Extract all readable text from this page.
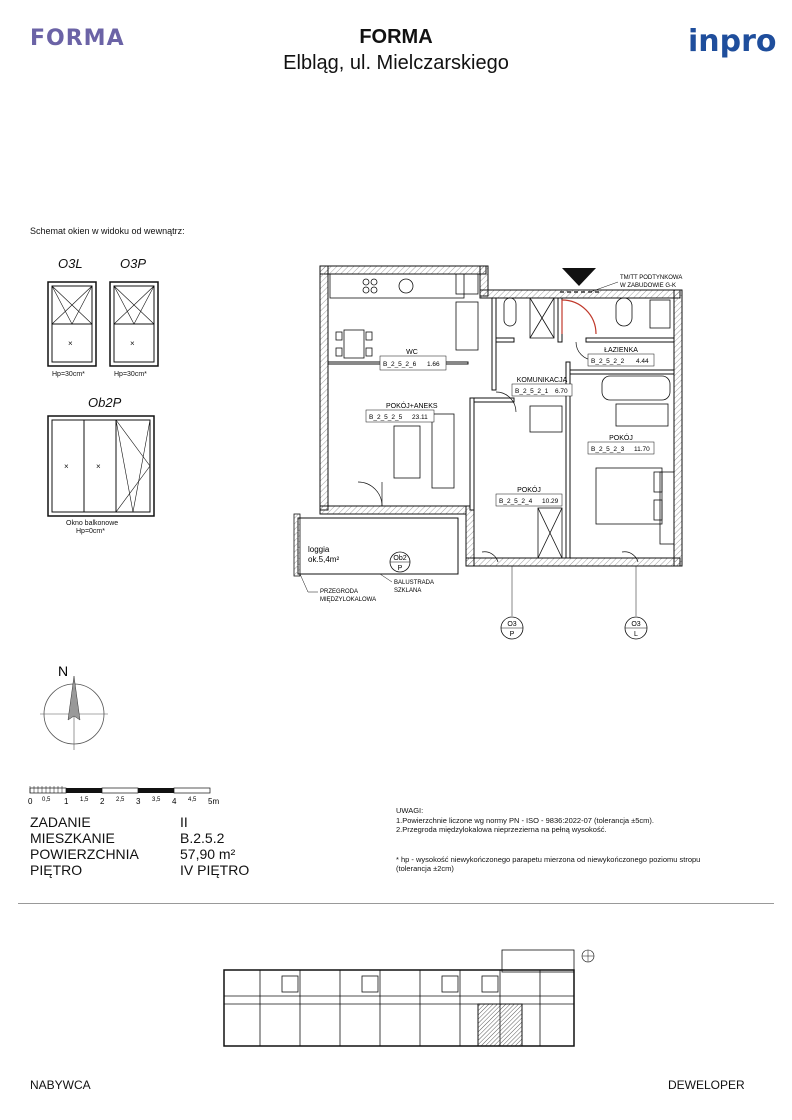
FORMA	FORMA
Elbląg, ul. Mielczarskiego
inpro
Schemat okien w widoku od wewnątrz:
O3L	O3P
×	×
Hp=30cm*	Hp=30cm*
Ob2P
×	×
Okno balkonowe
Hp=0cm*
WC
B_2_5_2_6 1.66
KOMUNIKACJA
B_2_5_2_1 6.70
ŁAZIENKA
B_2_5_2_2 4.44
POKÓJ+ANEKS
B_2_5_2_5 23.11
POKÓJ
B_2_5_2_3 11.70
POKÓJ
B_2_5_2_4 10.29
TM/TT PODTYNKOWA
W ZABUDOWIE G-K
loggia
ok.5,4m²	Ob2
P
PRZEGRODA
MIĘDZYLOKALOWA
BALUSTRADA
SZKLANA
O3
P
O3
L
N
0	1	2	3	4	5m
0,5	1,5	2,5	3,5	4,5
ZADANIE	II
MIESZKANIE	B.2.5.2
POWIERZCHNIA	57,90 m²
PIĘTRO	IV PIĘTRO
UWAGI:
1.Powierzchnie liczone wg normy PN - ISO - 9836:2022-07 (tolerancja ±5cm).
2.Przegroda międzylokalowa nieprzezierna na pełną wysokość.
* hp - wysokość niewykończonego parapetu mierzona od niewykończonego poziomu stropu
(tolerancja ±2cm)
NABYWCA	DEWELOPER
